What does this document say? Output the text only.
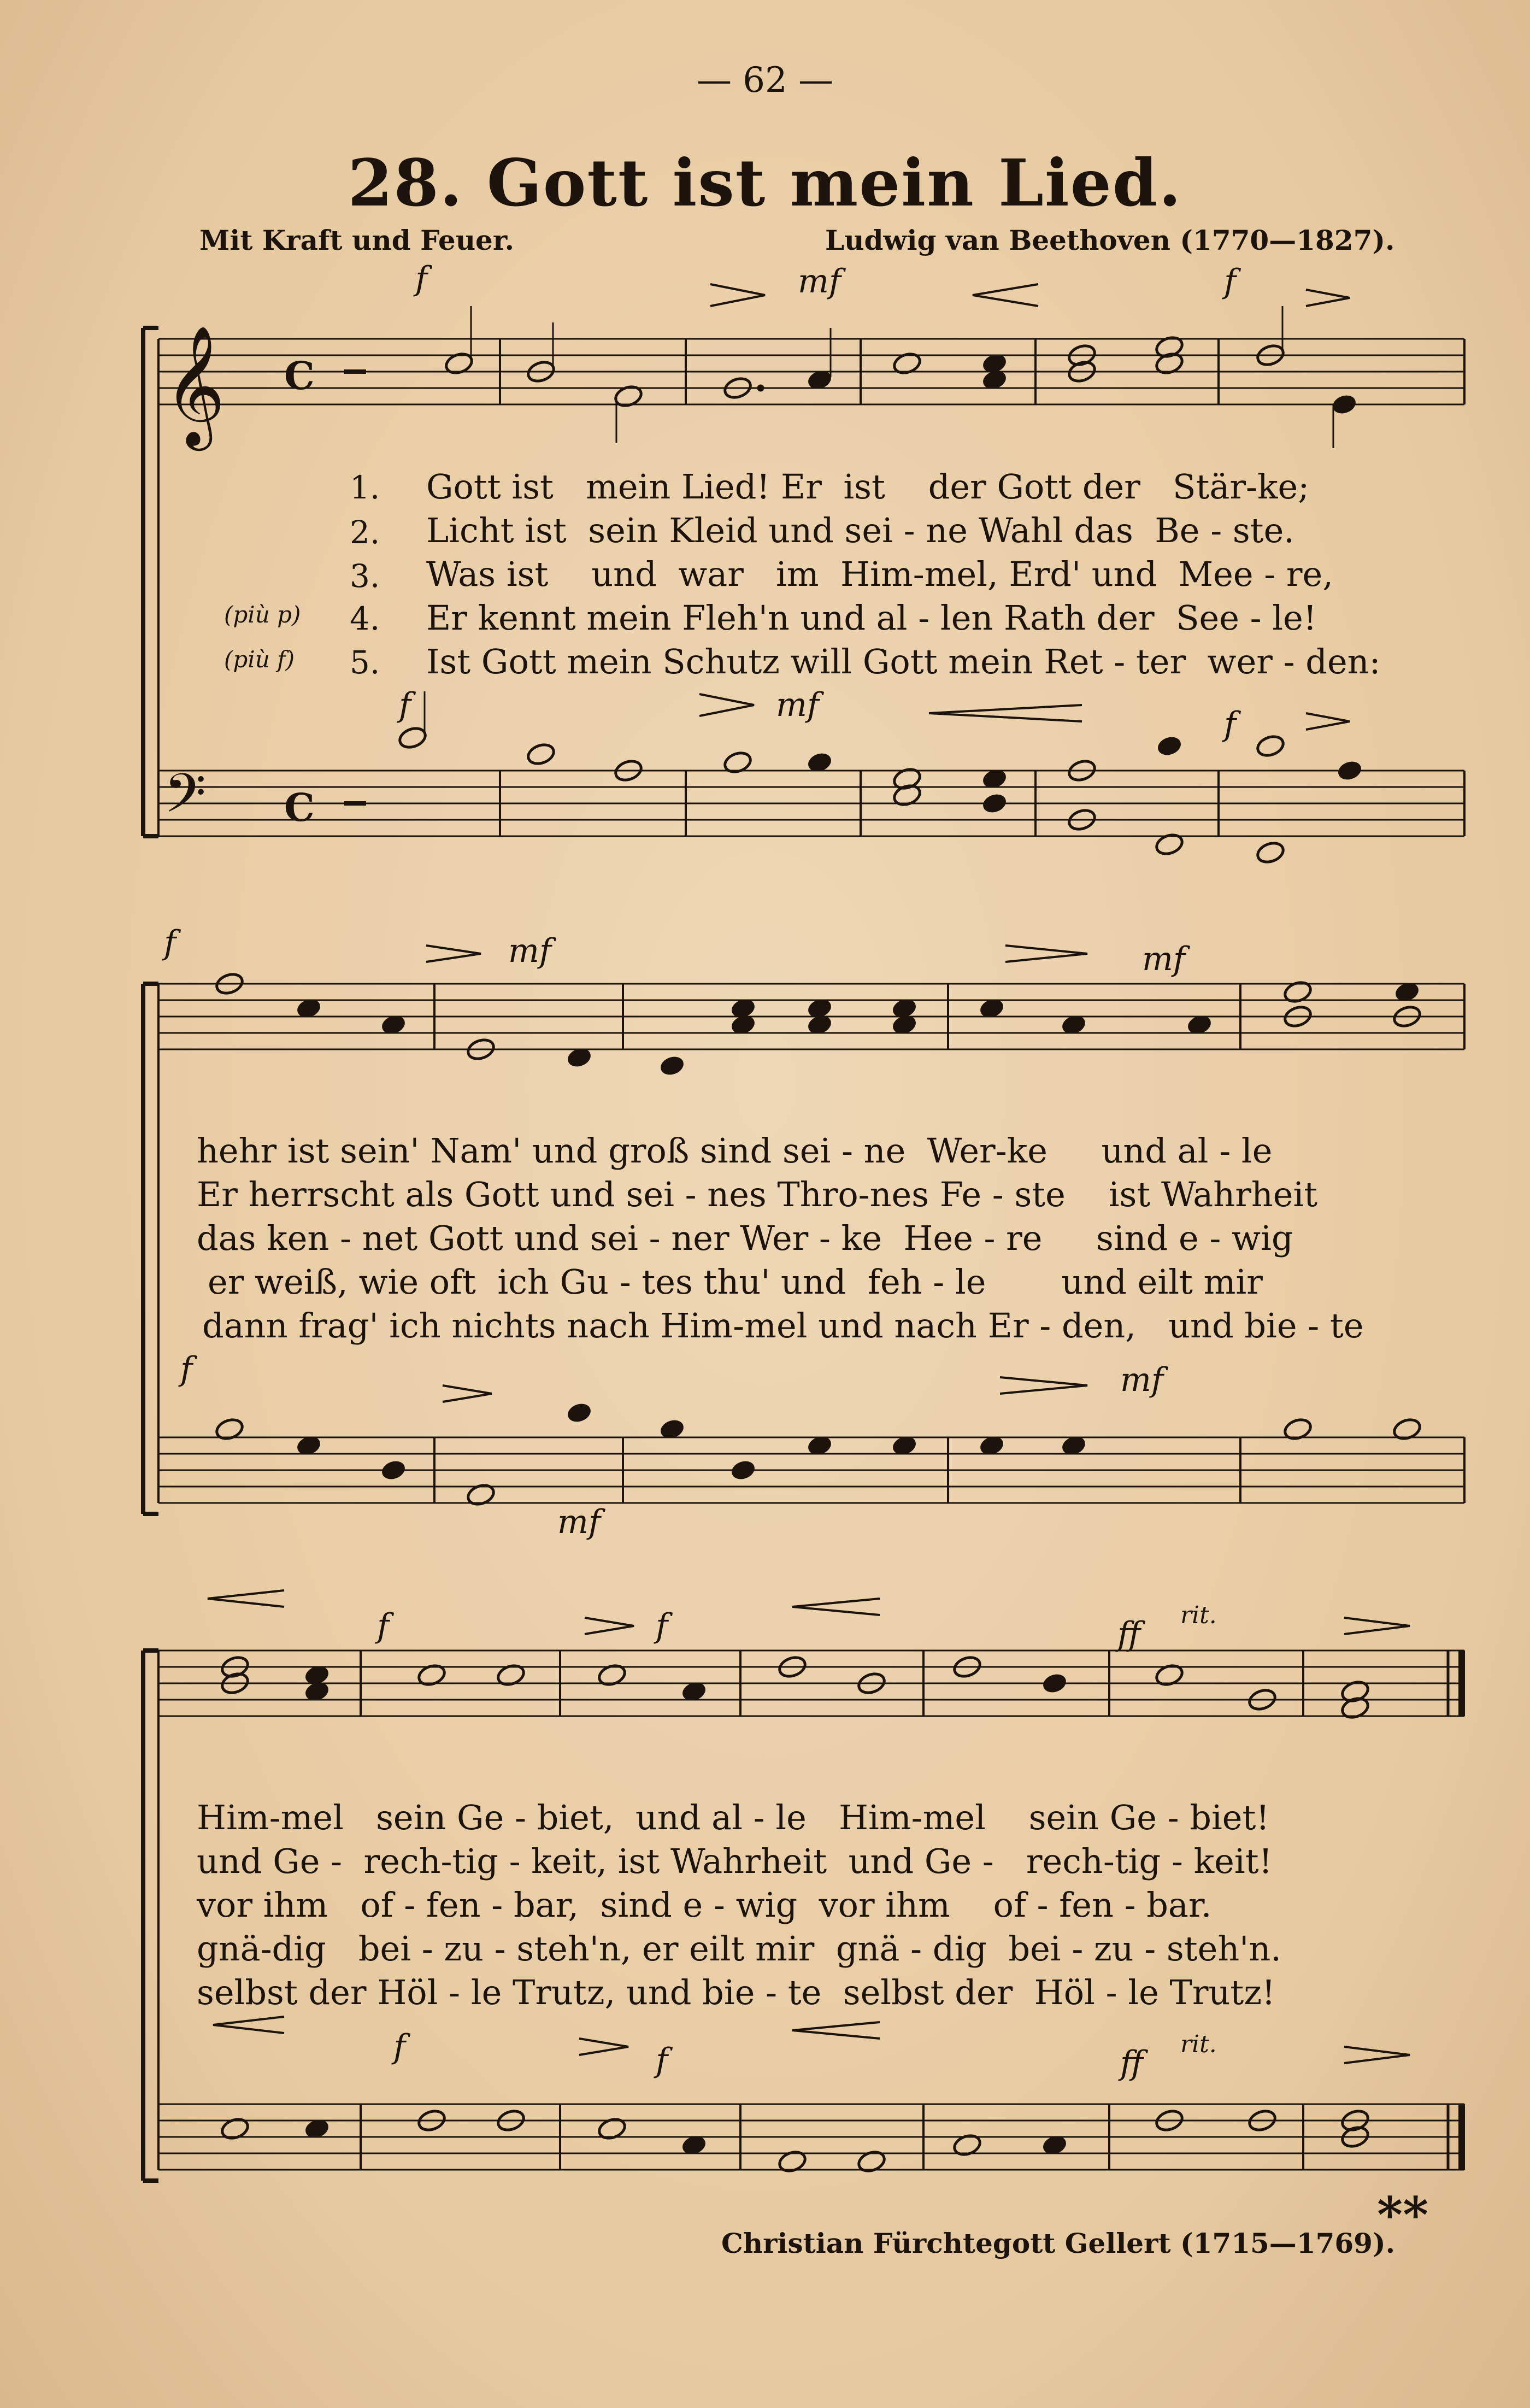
— 62 —
28. Gott ist mein Lied.
Mit Kraft und Feuer.	Ludwig van Beethoven (1770—1827).
𝄞
𝄢
C
C
f	mf	f
f	mf	f
f	mf	mf
f
mf
mf
f	f	ff rit.
f	f	ff rit.
(più p)
(più f)
1.
2.
3.
4.
5.
Gott ist   mein Lied! Er  ist    der Gott der   Stär-ke;
Licht ist  sein Kleid und sei - ne Wahl das  Be - ste.
Was ist    und  war   im  Him-mel, Erd' und  Mee - re,
Er kennt mein Fleh'n und al - len Rath der  See - le!
Ist Gott mein Schutz will Gott mein Ret - ter  wer - den:
hehr ist sein' Nam' und groß sind sei - ne  Wer-ke     und al - le
Er herrscht als Gott und sei - nes Thro-nes Fe - ste    ist Wahrheit
das ken - net Gott und sei - ner Wer - ke  Hee - re     sind e - wig
er weiß, wie oft  ich Gu - tes thu' und  feh - le       und eilt mir
dann frag' ich nichts nach Him-mel und nach Er - den,   und bie - te
Him-mel   sein Ge - biet,  und al - le   Him-mel    sein Ge - biet!
und Ge -  rech-tig - keit, ist Wahrheit  und Ge -   rech-tig - keit!
vor ihm   of - fen - bar,  sind e - wig  vor ihm    of - fen - bar.
gnä-dig   bei - zu - steh'n, er eilt mir  gnä - dig  bei - zu - steh'n.
selbst der Höl - le Trutz, und bie - te  selbst der  Höl - le Trutz!
**
Christian Fürchtegott Gellert (1715—1769).
